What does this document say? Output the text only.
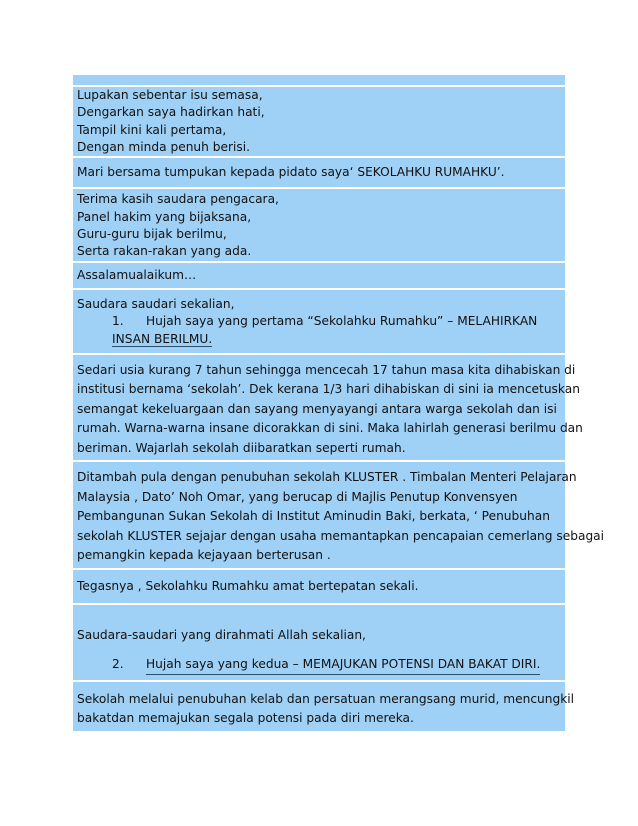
Lupakan sebentar isu semasa,
Dengarkan saya hadirkan hati,
Tampil kini kali pertama,
Dengan minda penuh berisi.
Mari bersama tumpukan kepada pidato saya‘ SEKOLAHKU RUMAHKU’.
Terima kasih saudara pengacara,
Panel hakim yang bijaksana,
Guru-guru bijak berilmu,
Serta rakan-rakan yang ada.
Assalamualaikum…
Saudara saudari sekalian,
1.	Hujah saya yang pertama “Sekolahku Rumahku” – MELAHIRKAN
INSAN BERILMU.
Sedari usia kurang 7 tahun sehingga mencecah 17 tahun masa kita dihabiskan di
institusi bernama ‘sekolah’. Dek kerana 1/3 hari dihabiskan di sini ia mencetuskan
semangat kekeluargaan dan sayang menyayangi antara warga sekolah dan isi
rumah. Warna-warna insane dicorakkan di sini. Maka lahirlah generasi berilmu dan
beriman. Wajarlah sekolah diibaratkan seperti rumah.
Ditambah pula dengan penubuhan sekolah KLUSTER . Timbalan Menteri Pelajaran
Malaysia , Dato’ Noh Omar, yang berucap di Majlis Penutup Konvensyen
Pembangunan Sukan Sekolah di Institut Aminudin Baki, berkata, ‘ Penubuhan
sekolah KLUSTER sejajar dengan usaha memantapkan pencapaian cemerlang sebagai
pemangkin kepada kejayaan berterusan .
Tegasnya , Sekolahku Rumahku amat bertepatan sekali.
Saudara-saudari yang dirahmati Allah sekalian,
2.	Hujah saya yang kedua – MEMAJUKAN POTENSI DAN BAKAT DIRI.
Sekolah melalui penubuhan kelab dan persatuan merangsang murid, mencungkil
bakatdan memajukan segala potensi pada diri mereka.
